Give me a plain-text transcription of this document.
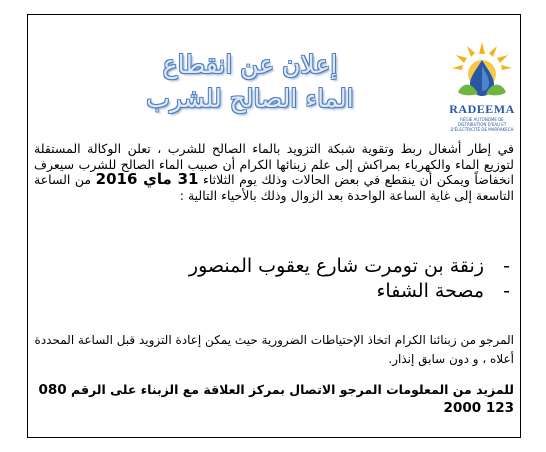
RADEEMA
RÉGIE AUTONOME DE DISTRIBUTION D'EAU ET D'ÉLECTRICITÉ DE MARRAKECH
إعلان عن انقطاع
الماء الصالح للشرب
في إطار أشغال ربط وتقوية شبكة التزويد بالماء الصالح للشرب ، تعلن الوكالة المستقلة لتوزيع الماء والكهرباء بمراكش إلى علم زبنائها الكرام أن صبيب الماء الصالح للشرب سيعرف انخفاضاً ويمكن أن ينقطع في بعض الحالات وذلك يوم الثلاثاء 31 ماي 2016 من الساعة التاسعة إلى غاية الساعة الواحدة بعد الزوال وذلك بالأحياء التالية :
-
زنقة بن تومرت شارع يعقوب المنصور
-
مصحة الشفاء
المرجو من زبنائنا الكرام اتخاذ الإحتياطات الضرورية حيث يمكن إعادة التزويد قبل الساعة المحددة أعلاه ، و دون سابق إنذار.
للمزيد من المعلومات المرجو الاتصال بمركز العلاقة مع الزبناء على الرقم 080 2000 123
